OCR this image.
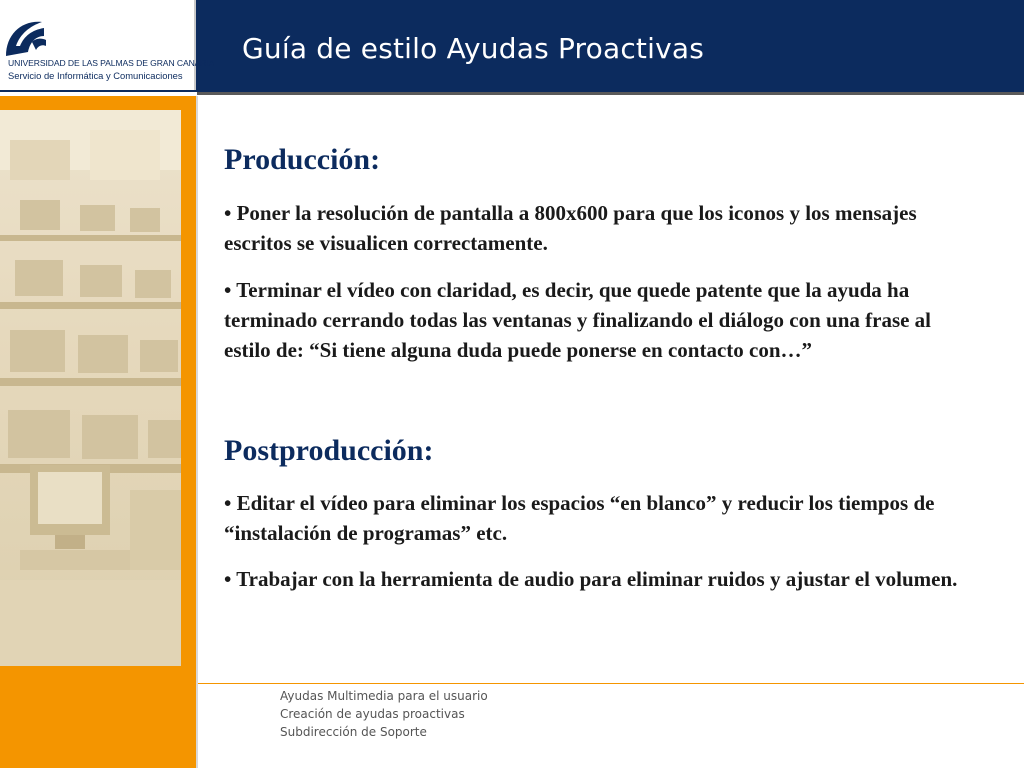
UNIVERSIDAD DE LAS PALMAS DE GRAN CANARIA
Servicio de Informática y Comunicaciones
Guía de estilo Ayudas Proactivas
Producción:
• Poner la resolución de pantalla a 800x600 para que los iconos y los mensajes escritos se visualicen correctamente.
• Terminar el vídeo con claridad, es decir, que quede patente que la ayuda ha terminado cerrando todas las ventanas y finalizando el diálogo con una frase al estilo de: “Si tiene alguna duda puede ponerse en contacto con…”
Postproducción:
• Editar el vídeo para eliminar los espacios “en blanco” y reducir los tiempos de “instalación de programas” etc.
• Trabajar con la herramienta de audio para eliminar ruidos y ajustar el volumen.
Ayudas Multimedia para el usuario
Creación de ayudas proactivas
Subdirección de Soporte
